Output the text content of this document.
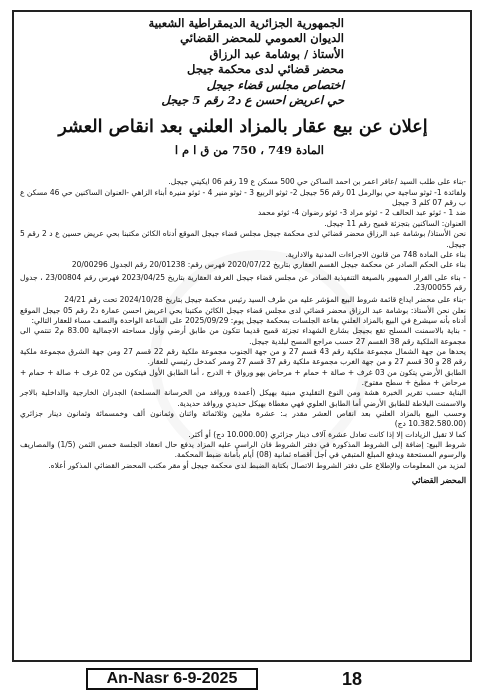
الجمهورية الجزائرية الديمقراطية الشعبية
الديوان العمومي للمحضر القضائي
الأستاذ / بوشامة عبد الرزاق
محضر قضائي لدى محكمة جيجل
اختصاص مجلس قضاء جيجل
حي اعريض احسن ع د2 رقم 5 جيجل
إعلان عن بيع عقار بالمزاد العلني بعد انقاص العشر
المادة 749 ، 750 من ق ا م ا

-بناء على طلب السيد /عافر اعمر بن احمد الساكن حي 500 مسكن ع 19 رقم 06 ايكيني جيجل.

ولفائدة 1- ثوثو ساجية حي بوالرمل 01 رقم 56 جيجل 2- ثوثو الربيع 3 - ثوثو منير 4 - ثوثو منيرة أبناء الزاهي -العنوان الساكنين حي 46 مسكن ع ب رقم 07 كلم 3 جيجل

ضد 1 - ثوثو عبد الحالف 2 - ثوثو مراد 3- ثوثو رضوان 4- ثوثو محمد

العنوان: الساكنين بتجزئة قميح رقم 11 جيجل.

نحن الأستاذ/ بوشامة عبد الرزاق محضر قضائي لدى محكمة جيجل مجلس قضاء جيجل الموقع أدناه الكائن مكتبنا بحي عريض حسين ع د 2 رقم 5 جيجل.

بناء على المادة 748 من قانون الاجراءات المدنية والادارية.

بناء على الحكم الصادر عن محكمة جيجل القسم العقاري بتاريخ 2020/07/22 فهرس رقم: 20/01238 رقم الجدول 20/00296

- بناء على القرار الممهور بالصيغة التنفيذية الصادر عن مجلس قضاء جيجل الغرفة العقارية بتاريخ 2023/04/25 فهرس رقم 23/00804 ، جدول رقم 23/00055.

-بناء على محضر ايداع قائمة شروط البيع المؤشر عليه من طرف السيد رئيس محكمة جيجل بتاريخ 2024/10/28 تحت رقم 24/21

نعلن نحن الأستاذ: بوشامة عبد الرزاق محضر قضائي لدى مجلس قضاء جيجل الكائن مكتبنا بحي اعريض احسن عمارة د2 رقم 05 جيجل الموقع أدناه بأنه سيشرع في البيع بالمزاد العلني بقاعة الجلسات بمحكمة جيجل يوم: 2025/09/29 على الساعة الواحدة والنصف مساء للعقار التالي:

- بناية بالاسمنت المسلح تقع بجيجل بشارع الشهداء تجزئة قميح قديما تتكون من طابق أرضي وأول مساحته الاجمالية 83.00 م2 تنتمي الى مجموعة الملكية رقم 38 القسم 27 حسب مراجع المسح لبلدية جيجل.

يحدها من جهة الشمال مجموعة ملكية رقم 43 قسم 27 و من جهة الجنوب مجموعة ملكية رقم 22 قسم 27 ومن جهة الشرق مجموعة ملكية رقم 28 و 30 قسم 27 و من جهة الغرب مجموعة ملكية رقم 37 قسم 27 وممر كمدخل رئيسي للعقار.

الطابق الأرضي يتكون من 03 غرف + صالة + حمام + مرحاض بهو ورواق + الدرج ، أما الطابق الأول فيتكون من 02 غرف + صالة + حمام + مرحاض + مطبخ + سطح مفتوح.

البناية حسب تقرير الخبرة هشة ومن النوع التقليدي مبنية بهيكل (أعمدة وروافد من الخرسانة المسلحة) الجدران الخارجية والداخلية بالاجر والاسمنت البلاطة للطابق الأرضي أما الطابق العلوي فهي مغطاة بهيكل حديدي وروافد حديدية.

وحسب البيع بالمزاد العلني بعد انقاص العشر مقدر بـ: عشرة ملايين وثلاثمائة واثنان وثمانون ألف وخمسمائة وثمانون دينار جزائري (10.382.580.00 دج)

كما لا تقبل الزيادات إلا إذا كانت تعادل عشرة آلاف دينار جزائري (10.000.00 دج) أو أكثر.

شروط البيع: إضافة إلى الشروط المذكورة في دفتر الشروط فان الراسي عليه المزاد يدفع حال انعقاد الجلسة خمس الثمن (1/5) والمصاريف والرسوم المستحقة ويدفع المبلغ المتبقي في أجل أقصاه ثمانية (08) أيام بأمانة ضبط المحكمة.

لمزيد من المعلومات والإطلاع على دفتر الشروط الاتصال بكتابة الضبط لدى محكمة جيجل أو مقر مكتب المحضر القضائي المذكور أعلاه.

المحضر القضائي
An-Nasr 6-9-2025	18
